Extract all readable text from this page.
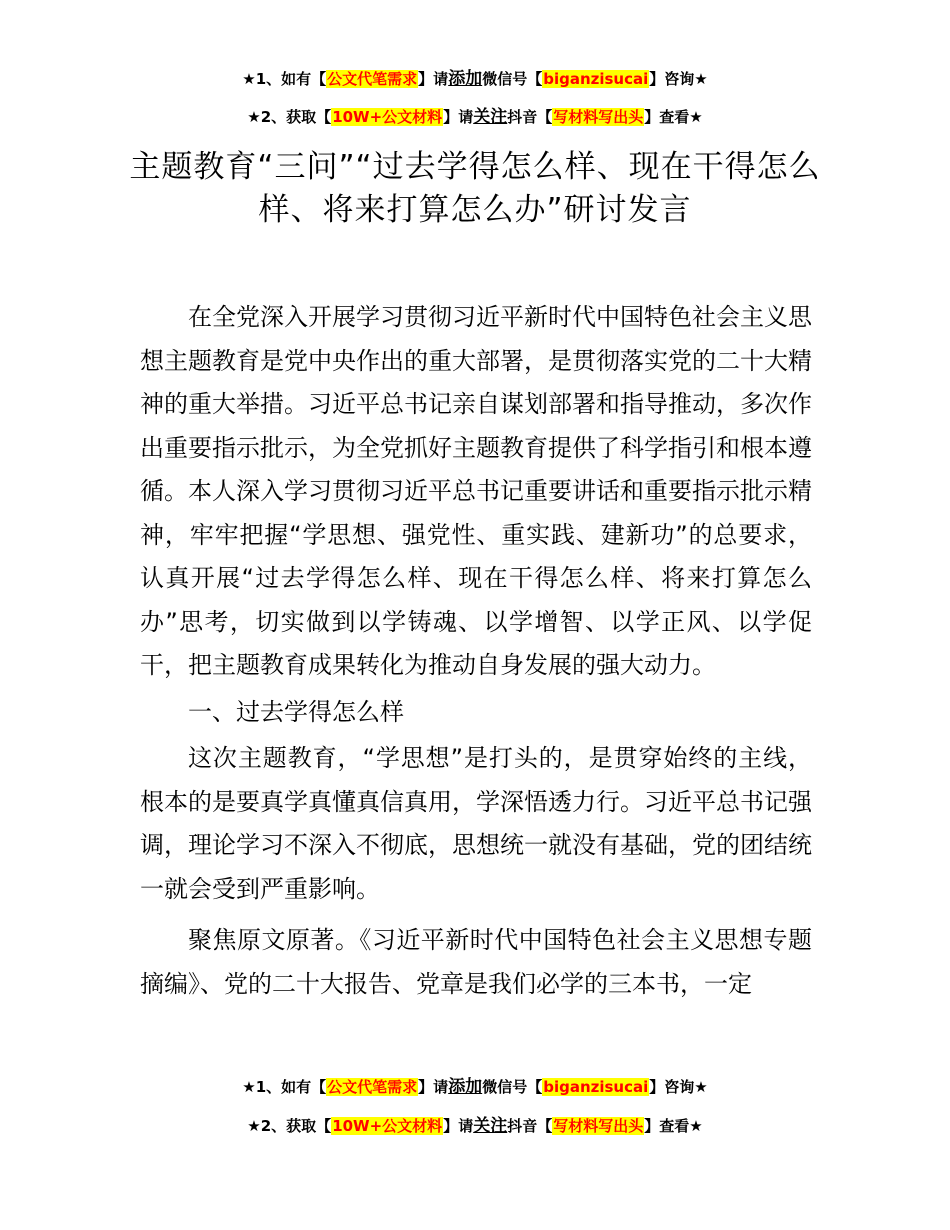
★1、如有【公文代笔需求】请添加微信号【biganzisucai】咨询★
★2、获取【10W+公文材料】请关注抖音【写材料写出头】查看★
主题教育“三问”“过去学得怎么样、现在干得怎么样、将来打算怎么办”研讨发言

在全党深入开展学习贯彻习近平新时代中国特色社会主义思想主题教育是党中央作出的重大部署，是贯彻落实党的二十大精神的重大举措。习近平总书记亲自谋划部署和指导推动，多次作出重要指示批示，为全党抓好主题教育提供了科学指引和根本遵循。本人深入学习贯彻习近平总书记重要讲话和重要指示批示精神，牢牢把握“学思想、强党性、重实践、建新功”的总要求，认真开展“过去学得怎么样、现在干得怎么样、将来打算怎么办”思考，切实做到以学铸魂、以学增智、以学正风、以学促干，把主题教育成果转化为推动自身发展的强大动力。

一、过去学得怎么样

这次主题教育，“学思想”是打头的，是贯穿始终的主线，根本的是要真学真懂真信真用，学深悟透力行。习近平总书记强调，理论学习不深入不彻底，思想统一就没有基础，党的团结统一就会受到严重影响。

聚焦原文原著。《习近平新时代中国特色社会主义思想专题摘编》、党的二十大报告、党章是我们必学的三本书，一定

★1、如有【公文代笔需求】请添加微信号【biganzisucai】咨询★
★2、获取【10W+公文材料】请关注抖音【写材料写出头】查看★
